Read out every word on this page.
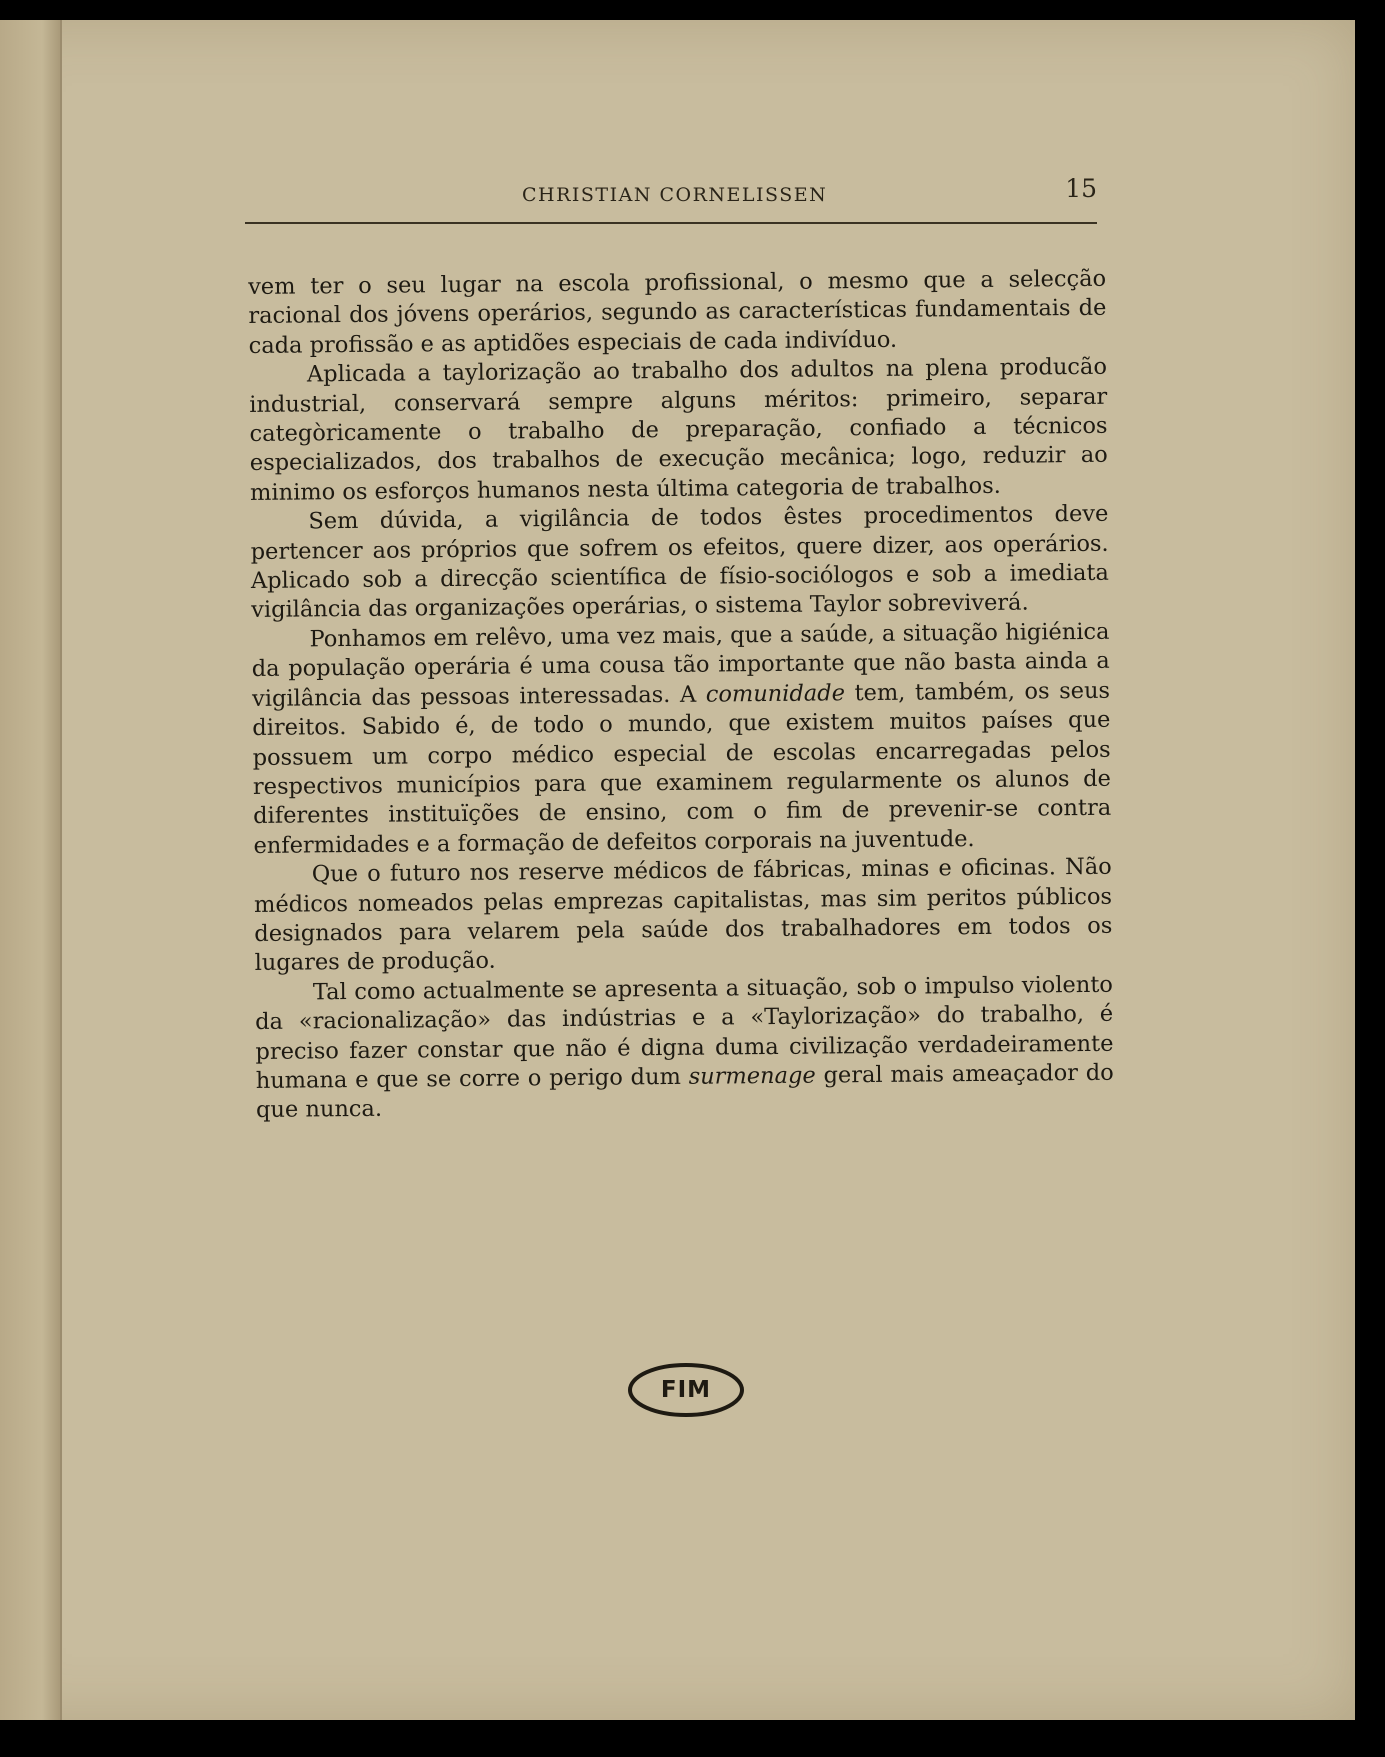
CHRISTIAN CORNELISSEN	15

vem ter o seu lugar na escola profissional, o mesmo que a selecção racional dos jóvens operários, segundo as características fundamentais de cada profissão e as aptidões especiais de cada indivíduo.

Aplicada a taylorização ao trabalho dos adultos na plena producão industrial, conservará sempre alguns méritos: primeiro, separar categòricamente o trabalho de preparação, confiado a técnicos especializados, dos trabalhos de execução mecânica; logo, reduzir ao minimo os esforços humanos nesta última categoria de trabalhos.

Sem dúvida, a vigilância de todos êstes procedimentos deve pertencer aos próprios que sofrem os efeitos, quere dizer, aos operários. Aplicado sob a direcção scientífica de físio-sociólogos e sob a imediata vigilância das organizações operárias, o sistema Taylor sobreviverá.

Ponhamos em relêvo, uma vez mais, que a saúde, a situação higiénica da população operária é uma cousa tão importante que não basta ainda a vigilância das pessoas interessadas. A comunidade tem, também, os seus direitos. Sabido é, de todo o mundo, que existem muitos países que possuem um corpo médico especial de escolas encarregadas pelos respectivos municípios para que examinem regularmente os alunos de diferentes instituïções de ensino, com o fim de prevenir-se contra enfermidades e a formação de defeitos corporais na juventude.

Que o futuro nos reserve médicos de fábricas, minas e oficinas. Não médicos nomeados pelas emprezas capitalistas, mas sim peritos públicos designados para velarem pela saúde dos trabalhadores em todos os lugares de produção.

Tal como actualmente se apresenta a situação, sob o impulso violento da «racionalização» das indústrias e a «Taylorização» do trabalho, é preciso fazer constar que não é digna duma civilização verdadeiramente humana e que se corre o perigo dum surmenage geral mais ameaçador do que nunca.

FIM
